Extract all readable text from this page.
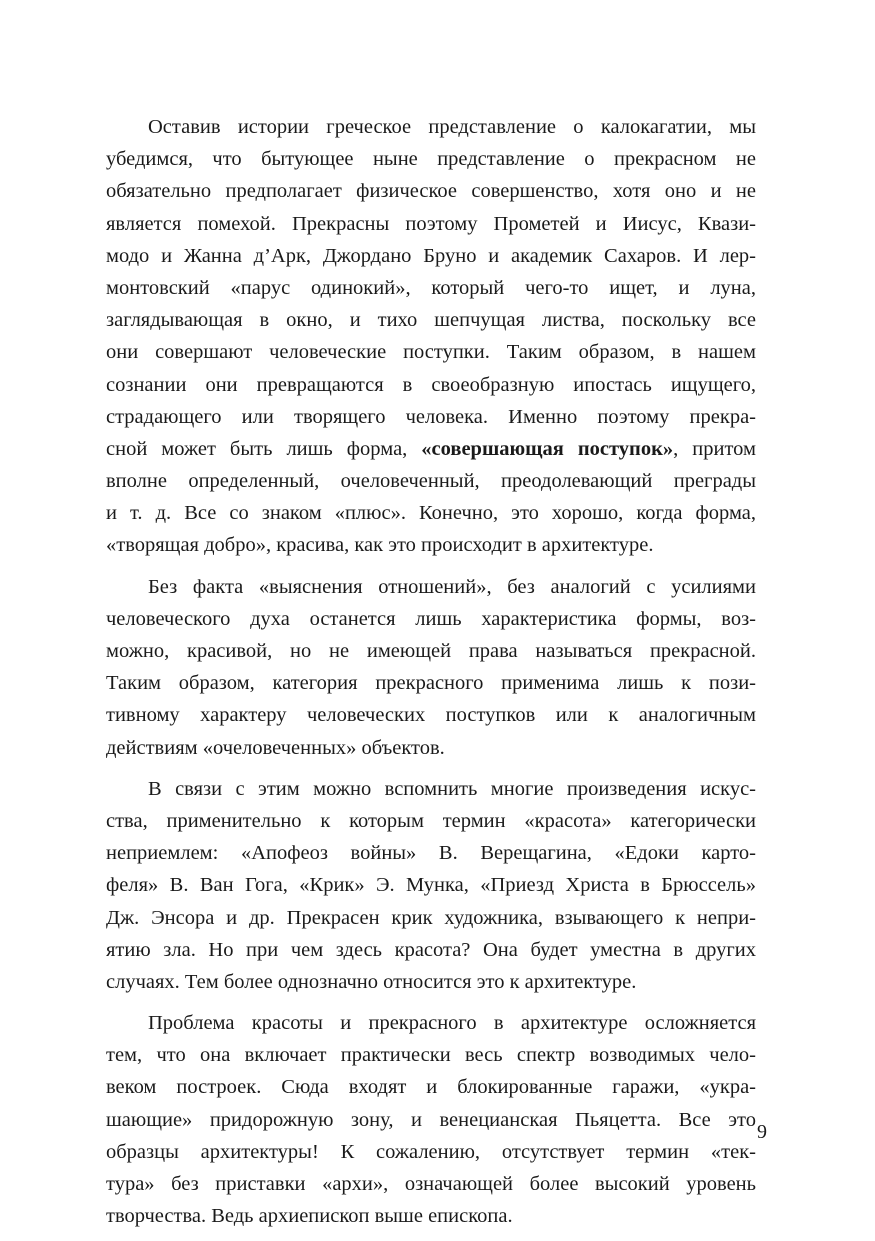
Оставив истории греческое представление о калокагатии, мы
убедимся, что бытующее ныне представление о прекрасном не
обязательно предполагает физическое совершенство, хотя оно и не
является помехой. Прекрасны поэтому Прометей и Иисус, Квази-
модо и Жанна д’Арк, Джордано Бруно и академик Сахаров. И лер-
монтовский «парус одинокий», который чего-то ищет, и луна,
заглядывающая в окно, и тихо шепчущая листва, поскольку все
они совершают человеческие поступки. Таким образом, в нашем
сознании они превращаются в своеобразную ипостась ищущего,
страдающего или творящего человека. Именно поэтому прекра-
сной может быть лишь форма, «совершающая поступок», притом
вполне определенный, очеловеченный, преодолевающий преграды
и т. д. Все со знаком «плюс». Конечно, это хорошо, когда форма,
«творящая добро», красива, как это происходит в архитектуре.
Без факта «выяснения отношений», без аналогий с усилиями
человеческого духа останется лишь характеристика формы, воз-
можно, красивой, но не имеющей права называться прекрасной.
Таким образом, категория прекрасного применима лишь к пози-
тивному характеру человеческих поступков или к аналогичным
действиям «очеловеченных» объектов.
В связи с этим можно вспомнить многие произведения искус-
ства, применительно к которым термин «красота» категорически
неприемлем: «Апофеоз войны» В. Верещагина, «Едоки карто-
феля» В. Ван Гога, «Крик» Э. Мунка, «Приезд Христа в Брюссель»
Дж. Энсора и др. Прекрасен крик художника, взывающего к непри-
ятию зла. Но при чем здесь красота? Она будет уместна в других
случаях. Тем более однозначно относится это к архитектуре.
Проблема красоты и прекрасного в архитектуре осложняется
тем, что она включает практически весь спектр возводимых чело-
веком построек. Сюда входят и блокированные гаражи, «укра-
шающие» придорожную зону, и венецианская Пьяцетта. Все это
образцы архитектуры! К сожалению, отсутствует термин «тек-
тура» без приставки «архи», означающей более высокий уровень
творчества. Ведь архиепископ выше епископа.
9
